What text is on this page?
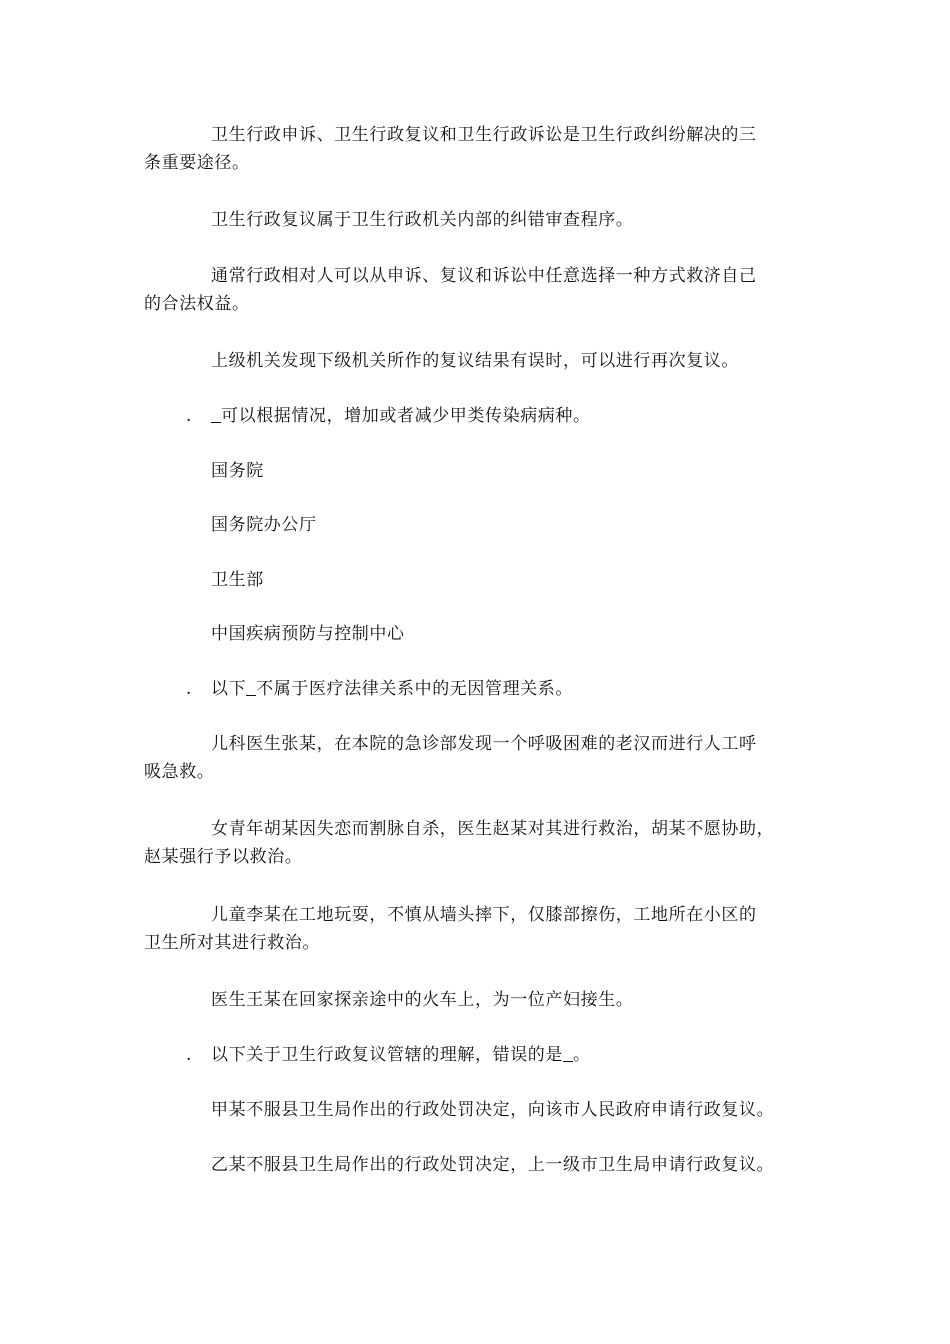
卫生行政申诉、卫生行政复议和卫生行政诉讼是卫生行政纠纷解决的三
条重要途径。

卫生行政复议属于卫生行政机关内部的纠错审查程序。

通常行政相对人可以从申诉、复议和诉讼中任意选择一种方式救济自己
的合法权益。

上级机关发现下级机关所作的复议结果有误时，可以进行再次复议。

. 可以根据情况，增加或者减少甲类传染病病种。

国务院

国务院办公厅

卫生部

中国疾病预防与控制中心

. 以下 不属于医疗法律关系中的无因管理关系。

儿科医生张某，在本院的急诊部发现一个呼吸困难的老汉而进行人工呼
吸急救。

女青年胡某因失恋而割脉自杀，医生赵某对其进行救治，胡某不愿协助，
赵某强行予以救治。

儿童李某在工地玩耍，不慎从墙头摔下，仅膝部擦伤，工地所在小区的
卫生所对其进行救治。

医生王某在回家探亲途中的火车上，为一位产妇接生。

. 以下关于卫生行政复议管辖的理解，错误的是 。

甲某不服县卫生局作出的行政处罚决定，向该市人民政府申请行政复议。

乙某不服县卫生局作出的行政处罚决定，上一级市卫生局申请行政复议。
